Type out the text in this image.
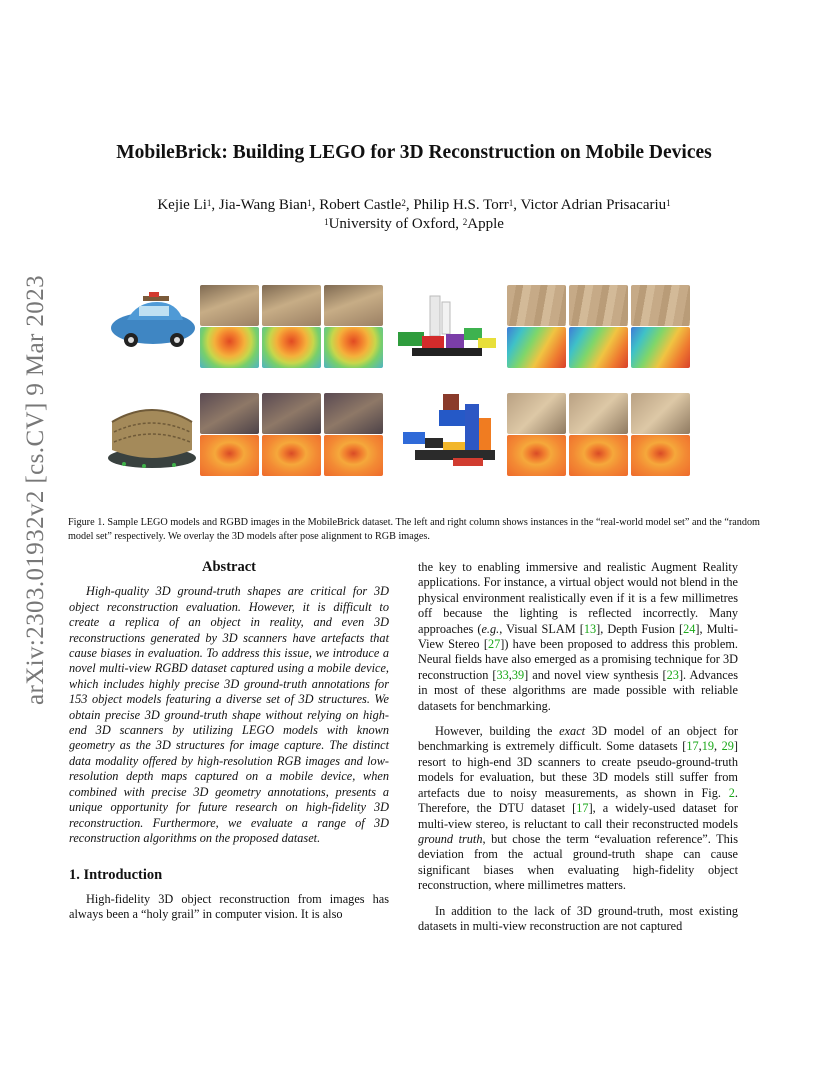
arXiv:2303.01932v2 [cs.CV] 9 Mar 2023
MobileBrick: Building LEGO for 3D Reconstruction on Mobile Devices
Kejie Li$^1$, Jia-Wang Bian$^1$, Robert Castle$^2$, Philip H.S. Torr$^1$, Victor Adrian Prisacariu$^1$
$^1$University of Oxford, $^2$Apple
Figure 1. Sample LEGO models and RGBD images in the MobileBrick dataset. The left and right column shows instances in the “real-world model set” and the “random model set” respectively. We overlay the 3D models after pose alignment to RGB images.
Abstract

High-quality 3D ground-truth shapes are critical for 3D object reconstruction evaluation. However, it is difficult to create a replica of an object in reality, and even 3D reconstructions generated by 3D scanners have artefacts that cause biases in evaluation. To address this issue, we introduce a novel multi-view RGBD dataset captured using a mobile device, which includes highly precise 3D ground-truth annotations for 153 object models featuring a diverse set of 3D structures. We obtain precise 3D ground-truth shape without relying on high-end 3D scanners by utilizing LEGO models with known geometry as the 3D structures for image capture. The distinct data modality offered by high-resolution RGB images and low-resolution depth maps captured on a mobile device, when combined with precise 3D geometry annotations, presents a unique opportunity for future research on high-fidelity 3D reconstruction. Furthermore, we evaluate a range of 3D reconstruction algorithms on the proposed dataset.

1. Introduction

High-fidelity 3D object reconstruction from images has always been a “holy grail” in computer vision. It is also

the key to enabling immersive and realistic Augment Reality applications. For instance, a virtual object would not blend in the physical environment realistically even if it is a few millimetres off because the lighting is reflected incorrectly. Many approaches (e.g., Visual SLAM [13], Depth Fusion [24], Multi-View Stereo [27]) have been proposed to address this problem. Neural fields have also emerged as a promising technique for 3D reconstruction [33,39] and novel view synthesis [23]. Advances in most of these algorithms are made possible with reliable datasets for benchmarking.

However, building the exact 3D model of an object for benchmarking is extremely difficult. Some datasets [17,19, 29] resort to high-end 3D scanners to create pseudo-ground-truth models for evaluation, but these 3D models still suffer from artefacts due to noisy measurements, as shown in Fig. 2. Therefore, the DTU dataset [17], a widely-used dataset for multi-view stereo, is reluctant to call their reconstructed models ground truth, but chose the term “evaluation reference”. This deviation from the actual ground-truth shape can cause significant biases when evaluating high-fidelity object reconstruction, where millimetres matters.

In addition to the lack of 3D ground-truth, most existing datasets in multi-view reconstruction are not captured
